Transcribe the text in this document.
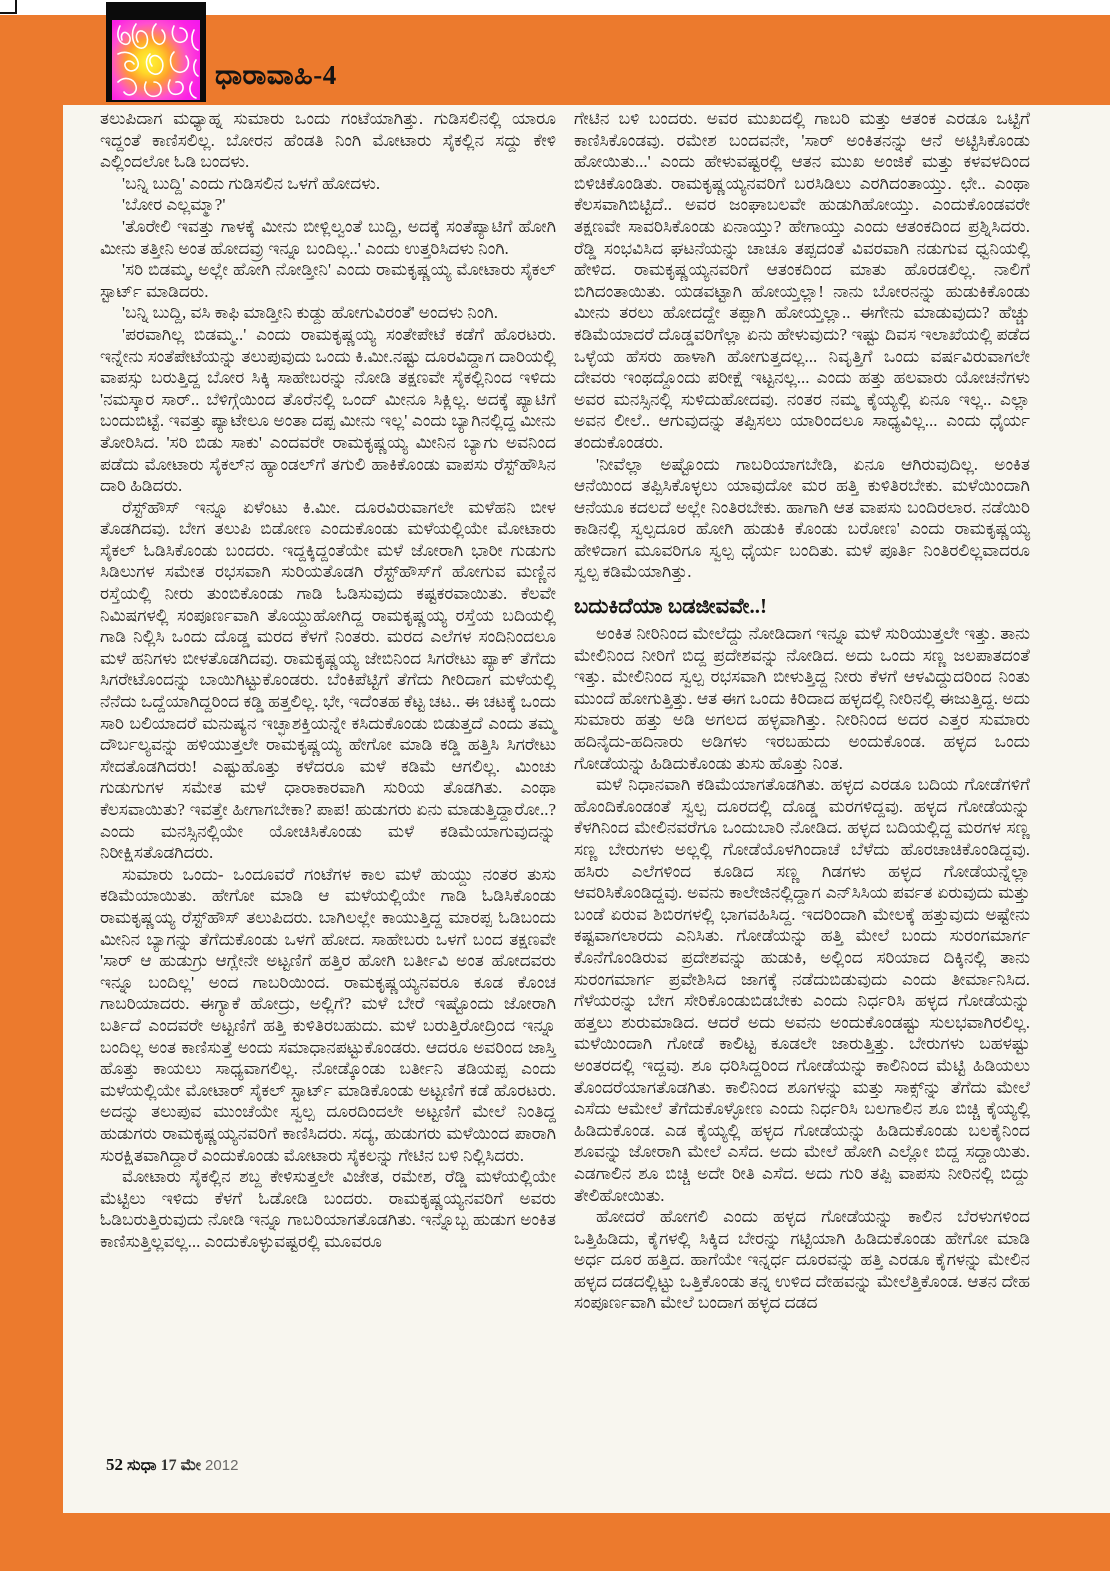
ಧಾರಾವಾಹಿ-4

ತಲುಪಿದಾಗ ಮಧ್ಯಾಹ್ನ ಸುಮಾರು ಒಂದು ಗಂಟೆಯಾಗಿತ್ತು. ಗುಡಿಸಲಿನಲ್ಲಿ ಯಾರೂ ಇದ್ದಂತೆ ಕಾಣಿಸಲಿಲ್ಲ. ಬೋರನ ಹೆಂಡತಿ ನಿಂಗಿ ಮೋಟಾರು ಸೈಕಲ್ಲಿನ ಸದ್ದು ಕೇಳಿ ಎಲ್ಲಿಂದಲೋ ಓಡಿ ಬಂದಳು.

'ಬನ್ನಿ ಬುದ್ದಿ' ಎಂದು ಗುಡಿಸಲಿನ ಒಳಗೆ ಹೋದಳು.

'ಬೋರ ಎಲ್ಲಮ್ಮಾ?'

'ತೊರೇಲಿ ಇವತ್ತು ಗಾಳಕ್ಕೆ ಮೀನು ಬೀಳ್ಲಿಲ್ವಂತೆ ಬುದ್ದಿ, ಅದಕ್ಕೆ ಸಂತೆಪ್ಯಾಟಿಗೆ ಹೋಗಿ ಮೀನು ತತ್ತೀನಿ ಅಂತ ಹೋದವ್ರು ಇನ್ನೂ ಬಂದಿಲ್ಲ..' ಎಂದು ಉತ್ತರಿಸಿದಳು ನಿಂಗಿ.

'ಸರಿ ಬಿಡಮ್ಮ, ಅಲ್ಲೇ ಹೋಗಿ ನೋಡ್ತೀನಿ' ಎಂದು ರಾಮಕೃಷ್ಣಯ್ಯ ಮೋಟಾರು ಸೈಕಲ್ ಸ್ಟಾರ್ಟ್ ಮಾಡಿದರು.

'ಬನ್ನಿ ಬುದ್ದಿ, ವಸಿ ಕಾಫಿ ಮಾಡ್ತೀನಿ ಕುಡ್ದು ಹೋಗುವಿರಂತೆ' ಅಂದಳು ನಿಂಗಿ.

'ಪರವಾಗಿಲ್ಲ ಬಿಡಮ್ಮ..' ಎಂದು ರಾಮಕೃಷ್ಣಯ್ಯ ಸಂತೇಪೇಟೆ ಕಡೆಗೆ ಹೊರಟರು. ಇನ್ನೇನು ಸಂತೆಪೇಟೆಯನ್ನು ತಲುಪುವುದು ಒಂದು ಕಿ.ಮೀ.ನಷ್ಟು ದೂರವಿದ್ದಾಗ ದಾರಿಯಲ್ಲಿ ವಾಪಸ್ಸು ಬರುತ್ತಿದ್ದ ಬೋರ ಸಿಕ್ಕಿ ಸಾಹೇಬರನ್ನು ನೋಡಿ ತಕ್ಷಣವೇ ಸೈಕಲ್ಲಿನಿಂದ ಇಳಿದು 'ನಮಸ್ಕಾರ ಸಾರ್.. ಬೆಳಿಗ್ಗೆಯಿಂದ ತೊರೆನಲ್ಲಿ ಒಂದ್ ಮೀನೂ ಸಿಕ್ಲಿಲ್ಲ. ಅದಕ್ಕೆ ಪ್ಯಾಟಿಗೆ ಬಂದುಬಿಟ್ಟೆ. ಇವತ್ತು ಪ್ಯಾಟೇಲೂ ಅಂತಾ ದಪ್ಪ ಮೀನು ಇಲ್ಲ' ಎಂದು ಬ್ಯಾಗಿನಲ್ಲಿದ್ದ ಮೀನು ತೋರಿಸಿದ. 'ಸರಿ ಬಿಡು ಸಾಕು' ಎಂದವರೇ ರಾಮಕೃಷ್ಣಯ್ಯ ಮೀನಿನ ಬ್ಯಾಗು ಅವನಿಂದ ಪಡೆದು ಮೋಟಾರು ಸೈಕಲ್‌ನ ಹ್ಯಾಂಡಲ್‌ಗೆ ತಗುಲಿ ಹಾಕಿಕೊಂಡು ವಾಪಸು ರೆಸ್ಟ್‌ಹೌಸಿನ ದಾರಿ ಹಿಡಿದರು.

ರೆಸ್ಟ್‌ಹೌಸ್ ಇನ್ನೂ ಏಳೆಂಟು ಕಿ.ಮೀ. ದೂರವಿರುವಾಗಲೇ ಮಳೆಹನಿ ಬೀಳ ತೊಡಗಿದವು. ಬೇಗ ತಲುಪಿ ಬಿಡೋಣ ಎಂದುಕೊಂಡು ಮಳೆಯಲ್ಲಿಯೇ ಮೋಟಾರು ಸೈಕಲ್ ಓಡಿಸಿಕೊಂಡು ಬಂದರು. ಇದ್ದಕ್ಕಿದ್ದಂತೆಯೇ ಮಳೆ ಜೋರಾಗಿ ಭಾರೀ ಗುಡುಗು ಸಿಡಿಲುಗಳ ಸಮೇತ ರಭಸವಾಗಿ ಸುರಿಯತೊಡಗಿ ರೆಸ್ಟ್‌ಹೌಸ್‌ಗೆ ಹೋಗುವ ಮಣ್ಣಿನ ರಸ್ತೆಯಲ್ಲಿ ನೀರು ತುಂಬಿಕೊಂಡು ಗಾಡಿ ಓಡಿಸುವುದು ಕಷ್ಟಕರವಾಯಿತು. ಕೆಲವೇ ನಿಮಿಷಗಳಲ್ಲಿ ಸಂಪೂರ್ಣವಾಗಿ ತೊಯ್ದುಹೋಗಿದ್ದ ರಾಮಕೃಷ್ಣಯ್ಯ ರಸ್ತೆಯ ಬದಿಯಲ್ಲಿ ಗಾಡಿ ನಿಲ್ಲಿಸಿ ಒಂದು ದೊಡ್ಡ ಮರದ ಕೆಳಗೆ ನಿಂತರು. ಮರದ ಎಲೆಗಳ ಸಂದಿನಿಂದಲೂ ಮಳೆ ಹನಿಗಳು ಬೀಳತೊಡಗಿದವು. ರಾಮಕೃಷ್ಣಯ್ಯ ಜೇಬಿನಿಂದ ಸಿಗರೇಟು ಪ್ಯಾಕ್ ತೆಗೆದು ಸಿಗರೇಟೊಂದನ್ನು ಬಾಯಿಗಿಟ್ಟುಕೊಂಡರು. ಬೆಂಕಿಪೆಟ್ಟಿಗೆ ತೆಗೆದು ಗೀರಿದಾಗ ಮಳೆಯಲ್ಲಿ ನೆನೆದು ಒದ್ದೆಯಾಗಿದ್ದರಿಂದ ಕಡ್ಡಿ ಹತ್ತಲಿಲ್ಲ. ಭೇ, ಇದೆಂತಹ ಕೆಟ್ಟ ಚಟ.. ಈ ಚಟಕ್ಕೆ ಒಂದು ಸಾರಿ ಬಲಿಯಾದರೆ ಮನುಷ್ಯನ ಇಚ್ಛಾಶಕ್ತಿಯನ್ನೇ ಕಸಿದುಕೊಂಡು ಬಿಡುತ್ತದೆ ಎಂದು ತಮ್ಮ ದೌರ್ಬಲ್ಯವನ್ನು ಹಳಿಯುತ್ತಲೇ ರಾಮಕೃಷ್ಣಯ್ಯ ಹೇಗೋ ಮಾಡಿ ಕಡ್ಡಿ ಹತ್ತಿಸಿ ಸಿಗರೇಟು ಸೇದತೊಡಗಿದರು! ಎಷ್ಟುಹೊತ್ತು ಕಳೆದರೂ ಮಳೆ ಕಡಿಮೆ ಆಗಲಿಲ್ಲ. ಮಿಂಚು ಗುಡುಗುಗಳ ಸಮೇತ ಮಳೆ ಧಾರಾಕಾರವಾಗಿ ಸುರಿಯ ತೊಡಗಿತು. ಎಂಥಾ ಕೆಲಸವಾಯಿತು? ಇವತ್ತೇ ಹೀಗಾಗಬೇಕಾ? ಪಾಪ! ಹುಡುಗರು ಏನು ಮಾಡುತ್ತಿದ್ದಾರೋ..? ಎಂದು ಮನಸ್ಸಿನಲ್ಲಿಯೇ ಯೋಚಿಸಿಕೊಂಡು ಮಳೆ ಕಡಿಮೆಯಾಗುವುದನ್ನು ನಿರೀಕ್ಷಿಸತೊಡಗಿದರು.

ಸುಮಾರು ಒಂದು- ಒಂದೂವರೆ ಗಂಟೆಗಳ ಕಾಲ ಮಳೆ ಹುಯ್ದು ನಂತರ ತುಸು ಕಡಿಮೆಯಾಯಿತು. ಹೇಗೋ ಮಾಡಿ ಆ ಮಳೆಯಲ್ಲಿಯೇ ಗಾಡಿ ಓಡಿಸಿಕೊಂಡು ರಾಮಕೃಷ್ಣಯ್ಯ ರೆಸ್ಟ್‌ಹೌಸ್ ತಲುಪಿದರು. ಬಾಗಿಲಲ್ಲೇ ಕಾಯುತ್ತಿದ್ದ ಮಾರಪ್ಪ ಓಡಿಬಂದು ಮೀನಿನ ಬ್ಯಾಗನ್ನು ತೆಗೆದುಕೊಂಡು ಒಳಗೆ ಹೋದ. ಸಾಹೇಬರು ಒಳಗೆ ಬಂದ ತಕ್ಷಣವೇ 'ಸಾರ್ ಆ ಹುಡುಗ್ರು ಆಗ್ಲೇನೇ ಅಟ್ಟಣಿಗೆ ಹತ್ತಿರ ಹೋಗಿ ಬರ್ತೀವಿ ಅಂತ ಹೋದವರು ಇನ್ನೂ ಬಂದಿಲ್ಲ' ಅಂದ ಗಾಬರಿಯಿಂದ. ರಾಮಕೃಷ್ಣಯ್ಯನವರೂ ಕೂಡ ಕೊಂಚ ಗಾಬರಿಯಾದರು. ಈಗ್ಯಾಕೆ ಹೋದ್ರು, ಅಲ್ಲಿಗೆ? ಮಳೆ ಬೇರೆ ಇಷ್ಟೊಂದು ಜೋರಾಗಿ ಬರ್ತಿದೆ ಎಂದವರೇ ಅಟ್ಟಣಿಗೆ ಹತ್ತಿ ಕುಳಿತಿರಬಹುದು. ಮಳೆ ಬರುತ್ತಿರೋದ್ರಿಂದ ಇನ್ನೂ ಬಂದಿಲ್ಲ ಅಂತ ಕಾಣಿಸುತ್ತೆ ಅಂದು ಸಮಾಧಾನಪಟ್ಟುಕೊಂಡರು. ಆದರೂ ಅವರಿಂದ ಜಾಸ್ತಿ ಹೊತ್ತು ಕಾಯಲು ಸಾಧ್ಯವಾಗಲಿಲ್ಲ. ನೋಡ್ಕೊಂಡು ಬರ್ತೀನಿ ತಡಿಯಪ್ಪ ಎಂದು ಮಳೆಯಲ್ಲಿಯೇ ಮೋಟಾರ್ ಸೈಕಲ್ ಸ್ಟಾರ್ಟ್ ಮಾಡಿಕೊಂಡು ಅಟ್ಟಣಿಗೆ ಕಡೆ ಹೊರಟರು. ಅದನ್ನು ತಲುಪುವ ಮುಂಚೆಯೇ ಸ್ವಲ್ಪ ದೂರದಿಂದಲೇ ಅಟ್ಟಣಿಗೆ ಮೇಲೆ ನಿಂತಿದ್ದ ಹುಡುಗರು ರಾಮಕೃಷ್ಣಯ್ಯನವರಿಗೆ ಕಾಣಿಸಿದರು. ಸದ್ಯ, ಹುಡುಗರು ಮಳೆಯಿಂದ ಪಾರಾಗಿ ಸುರಕ್ಷಿತವಾಗಿದ್ದಾರೆ ಎಂದುಕೊಂಡು ಮೋಟಾರು ಸೈಕಲನ್ನು ಗೇಟಿನ ಬಳಿ ನಿಲ್ಲಿಸಿದರು.

ಮೋಟಾರು ಸೈಕಲ್ಲಿನ ಶಬ್ದ ಕೇಳಿಸುತ್ತಲೇ ವಿಜೇತ, ರಮೇಶ, ರೆಡ್ಡಿ ಮಳೆಯಲ್ಲಿಯೇ ಮೆಟ್ಟಿಲು ಇಳಿದು ಕೆಳಗೆ ಓಡೋಡಿ ಬಂದರು. ರಾಮಕೃಷ್ಣಯ್ಯನವರಿಗೆ ಅವರು ಓಡಿಬರುತ್ತಿರುವುದು ನೋಡಿ ಇನ್ನೂ ಗಾಬರಿಯಾಗತೊಡಗಿತು. ಇನ್ನೊಬ್ಬ ಹುಡುಗ ಅಂಕಿತ ಕಾಣಿಸುತ್ತಿಲ್ಲವಲ್ಲ... ಎಂದುಕೊಳ್ಳುವಷ್ಟರಲ್ಲಿ ಮೂವರೂ

ಗೇಟಿನ ಬಳಿ ಬಂದರು. ಅವರ ಮುಖದಲ್ಲಿ ಗಾಬರಿ ಮತ್ತು ಆತಂಕ ಎರಡೂ ಒಟ್ಟಿಗೆ ಕಾಣಿಸಿಕೊಂಡವು. ರಮೇಶ ಬಂದವನೇ, 'ಸಾರ್ ಅಂಕಿತನನ್ನು ಆನೆ ಅಟ್ಟಿಸಿಕೊಂಡು ಹೋಯಿತು...' ಎಂದು ಹೇಳುವಷ್ಟರಲ್ಲಿ ಆತನ ಮುಖ ಅಂಜಿಕೆ ಮತ್ತು ಕಳವಳದಿಂದ ಬಿಳಿಚಿಕೊಂಡಿತು. ರಾಮಕೃಷ್ಣಯ್ಯನವರಿಗೆ ಬರಸಿಡಿಲು ಎರಗಿದಂತಾಯ್ತು. ಛೇ.. ಎಂಥಾ ಕೆಲಸವಾಗಿಬಿಟ್ಟಿದೆ.. ಅವರ ಜಂಘಾಬಲವೇ ಹುಡುಗಿಹೋಯ್ತು. ಎಂದುಕೊಂಡವರೇ ತಕ್ಷಣವೇ ಸಾವರಿಸಿಕೊಂಡು ಏನಾಯ್ತು? ಹೇಗಾಯ್ತು ಎಂದು ಆತಂಕದಿಂದ ಪ್ರಶ್ನಿಸಿದರು. ರೆಡ್ಡಿ ಸಂಭವಿಸಿದ ಘಟನೆಯನ್ನು ಚಾಚೂ ತಪ್ಪದಂತೆ ವಿವರವಾಗಿ ನಡುಗುವ ಧ್ವನಿಯಲ್ಲಿ ಹೇಳಿದ. ರಾಮಕೃಷ್ಣಯ್ಯನವರಿಗೆ ಆತಂಕದಿಂದ ಮಾತು ಹೊರಡಲಿಲ್ಲ. ನಾಲಿಗೆ ಬಿಗಿದಂತಾಯಿತು. ಯಡವಟ್ಟಾಗಿ ಹೋಯ್ತಲ್ಲಾ! ನಾನು ಬೋರನನ್ನು ಹುಡುಕಿಕೊಂಡು ಮೀನು ತರಲು ಹೋದದ್ದೇ ತಪ್ಪಾಗಿ ಹೋಯ್ತಲ್ಲಾ.. ಈಗೇನು ಮಾಡುವುದು? ಹೆಚ್ಚು ಕಡಿಮೆಯಾದರೆ ದೊಡ್ಡವರಿಗೆಲ್ಲಾ ಏನು ಹೇಳುವುದು? ಇಷ್ಟು ದಿವಸ ಇಲಾಖೆಯಲ್ಲಿ ಪಡೆದ ಒಳ್ಳೆಯ ಹೆಸರು ಹಾಳಾಗಿ ಹೋಗುತ್ತದಲ್ಲ... ನಿವೃತ್ತಿಗೆ ಒಂದು ವರ್ಷವಿರುವಾಗಲೇ ದೇವರು ಇಂಥದ್ದೊಂದು ಪರೀಕ್ಷೆ ಇಟ್ಟನಲ್ಲ... ಎಂದು ಹತ್ತು ಹಲವಾರು ಯೋಚನೆಗಳು ಅವರ ಮನಸ್ಸಿನಲ್ಲಿ ಸುಳಿದುಹೋದವು. ನಂತರ ನಮ್ಮ ಕೈಯ್ಯಲ್ಲಿ ಏನೂ ಇಲ್ಲ.. ಎಲ್ಲಾ ಅವನ ಲೀಲೆ.. ಆಗುವುದನ್ನು ತಪ್ಪಿಸಲು ಯಾರಿಂದಲೂ ಸಾಧ್ಯವಿಲ್ಲ... ಎಂದು ಧೈರ್ಯ ತಂದುಕೊಂಡರು.

'ನೀವೆಲ್ಲಾ ಅಷ್ಟೊಂದು ಗಾಬರಿಯಾಗಬೇಡಿ, ಏನೂ ಆಗಿರುವುದಿಲ್ಲ. ಅಂಕಿತ ಆನೆಯಿಂದ ತಪ್ಪಿಸಿಕೊಳ್ಳಲು ಯಾವುದೋ ಮರ ಹತ್ತಿ ಕುಳಿತಿರಬೇಕು. ಮಳೆಯಿಂದಾಗಿ ಆನೆಯೂ ಕದಲದೆ ಅಲ್ಲೇ ನಿಂತಿರಬೇಕು. ಹಾಗಾಗಿ ಆತ ವಾಪಸು ಬಂದಿರಲಾರ. ನಡೆಯಿರಿ ಕಾಡಿನಲ್ಲಿ ಸ್ವಲ್ಪದೂರ ಹೋಗಿ ಹುಡುಕಿ ಕೊಂಡು ಬರೋಣ' ಎಂದು ರಾಮಕೃಷ್ಣಯ್ಯ ಹೇಳಿದಾಗ ಮೂವರಿಗೂ ಸ್ವಲ್ಪ ಧೈರ್ಯ ಬಂದಿತು. ಮಳೆ ಪೂರ್ತಿ ನಿಂತಿರಲಿಲ್ಲವಾದರೂ ಸ್ವಲ್ಪ ಕಡಿಮೆಯಾಗಿತ್ತು.

ಬದುಕಿದೆಯಾ ಬಡಜೀವವೇ..!

ಅಂಕಿತ ನೀರಿನಿಂದ ಮೇಲೆದ್ದು ನೋಡಿದಾಗ ಇನ್ನೂ ಮಳೆ ಸುರಿಯುತ್ತಲೇ ಇತ್ತು. ತಾನು ಮೇಲಿನಿಂದ ನೀರಿಗೆ ಬಿದ್ದ ಪ್ರದೇಶವನ್ನು ನೋಡಿದ. ಅದು ಒಂದು ಸಣ್ಣ ಜಲಪಾತದಂತೆ ಇತ್ತು. ಮೇಲಿನಿಂದ ಸ್ವಲ್ಪ ರಭಸವಾಗಿ ಬೀಳುತ್ತಿದ್ದ ನೀರು ಕೆಳಗೆ ಆಳವಿದ್ದುದರಿಂದ ನಿಂತು ಮುಂದೆ ಹೋಗುತ್ತಿತ್ತು. ಆತ ಈಗ ಒಂದು ಕಿರಿದಾದ ಹಳ್ಳದಲ್ಲಿ ನೀರಿನಲ್ಲಿ ಈಜುತ್ತಿದ್ದ. ಅದು ಸುಮಾರು ಹತ್ತು ಅಡಿ ಅಗಲದ ಹಳ್ಳವಾಗಿತ್ತು. ನೀರಿನಿಂದ ಅದರ ಎತ್ತರ ಸುಮಾರು ಹದಿನೈದು-ಹದಿನಾರು ಅಡಿಗಳು ಇರಬಹುದು ಅಂದುಕೊಂಡ. ಹಳ್ಳದ ಒಂದು ಗೋಡೆಯನ್ನು ಹಿಡಿದುಕೊಂಡು ತುಸು ಹೊತ್ತು ನಿಂತ.

ಮಳೆ ನಿಧಾನವಾಗಿ ಕಡಿಮೆಯಾಗತೊಡಗಿತು. ಹಳ್ಳದ ಎರಡೂ ಬದಿಯ ಗೋಡೆಗಳಿಗೆ ಹೊಂದಿಕೊಂಡಂತೆ ಸ್ವಲ್ಪ ದೂರದಲ್ಲಿ ದೊಡ್ಡ ಮರಗಳಿದ್ದವು. ಹಳ್ಳದ ಗೋಡೆಯನ್ನು ಕೆಳಗಿನಿಂದ ಮೇಲಿನವರೆಗೂ ಒಂದುಬಾರಿ ನೋಡಿದ. ಹಳ್ಳದ ಬದಿಯಲ್ಲಿದ್ದ ಮರಗಳ ಸಣ್ಣ ಸಣ್ಣ ಬೇರುಗಳು ಅಲ್ಲಲ್ಲಿ ಗೋಡೆಯೊಳಗಿಂದಾಚೆ ಬೆಳೆದು ಹೊರಚಾಚಿಕೊಂಡಿದ್ದವು. ಹಸಿರು ಎಲೆಗಳಿಂದ ಕೂಡಿದ ಸಣ್ಣ ಗಿಡಗಳು ಹಳ್ಳದ ಗೋಡೆಯನ್ನೆಲ್ಲಾ ಆವರಿಸಿಕೊಂಡಿದ್ದವು. ಅವನು ಕಾಲೇಜಿನಲ್ಲಿದ್ದಾಗ ಎನ್‌ಸಿಸಿಯ ಪರ್ವತ ಏರುವುದು ಮತ್ತು ಬಂಡೆ ಏರುವ ಶಿಬಿರಗಳಲ್ಲಿ ಭಾಗವಹಿಸಿದ್ದ. ಇದರಿಂದಾಗಿ ಮೇಲಕ್ಕೆ ಹತ್ತುವುದು ಅಷ್ಟೇನು ಕಷ್ಟವಾಗಲಾರದು ಎನಿಸಿತು. ಗೋಡೆಯನ್ನು ಹತ್ತಿ ಮೇಲೆ ಬಂದು ಸುರಂಗಮಾರ್ಗ ಕೊನೆಗೊಂಡಿರುವ ಪ್ರದೇಶವನ್ನು ಹುಡುಕಿ, ಅಲ್ಲಿಂದ ಸರಿಯಾದ ದಿಕ್ಕಿನಲ್ಲಿ ತಾನು ಸುರಂಗಮಾರ್ಗ ಪ್ರವೇಶಿಸಿದ ಜಾಗಕ್ಕೆ ನಡೆದುಬಿಡುವುದು ಎಂದು ತೀರ್ಮಾನಿಸಿದ. ಗೆಳೆಯರನ್ನು ಬೇಗ ಸೇರಿಕೊಂಡುಬಿಡಬೇಕು ಎಂದು ನಿರ್ಧರಿಸಿ ಹಳ್ಳದ ಗೋಡೆಯನ್ನು ಹತ್ತಲು ಶುರುಮಾಡಿದ. ಆದರೆ ಅದು ಅವನು ಅಂದುಕೊಂಡಷ್ಟು ಸುಲಭವಾಗಿರಲಿಲ್ಲ. ಮಳೆಯಿಂದಾಗಿ ಗೋಡೆ ಕಾಲಿಟ್ಟ ಕೂಡಲೇ ಜಾರುತ್ತಿತ್ತು. ಬೇರುಗಳು ಬಹಳಷ್ಟು ಅಂತರದಲ್ಲಿ ಇದ್ದವು. ಶೂ ಧರಿಸಿದ್ದರಿಂದ ಗೋಡೆಯನ್ನು ಕಾಲಿನಿಂದ ಮೆಟ್ಟಿ ಹಿಡಿಯಲು ತೊಂದರೆಯಾಗತೊಡಗಿತು. ಕಾಲಿನಿಂದ ಶೂಗಳನ್ನು ಮತ್ತು ಸಾಕ್ಸ್‌ನ್ನು ತೆಗೆದು ಮೇಲೆ ಎಸೆದು ಆಮೇಲೆ ತೆಗೆದುಕೊಳ್ಳೋಣ ಎಂದು ನಿರ್ಧರಿಸಿ ಬಲಗಾಲಿನ ಶೂ ಬಿಚ್ಚಿ ಕೈಯ್ಯಲ್ಲಿ ಹಿಡಿದುಕೊಂಡ. ಎಡ ಕೈಯ್ಯಲ್ಲಿ ಹಳ್ಳದ ಗೋಡೆಯನ್ನು ಹಿಡಿದುಕೊಂಡು ಬಲಕೈನಿಂದ ಶೂವನ್ನು ಜೋರಾಗಿ ಮೇಲೆ ಎಸೆದ. ಅದು ಮೇಲೆ ಹೋಗಿ ಎಲ್ಲೋ ಬಿದ್ದ ಸದ್ದಾಯಿತು. ಎಡಗಾಲಿನ ಶೂ ಬಿಚ್ಚಿ ಅದೇ ರೀತಿ ಎಸೆದ. ಅದು ಗುರಿ ತಪ್ಪಿ ವಾಪಸು ನೀರಿನಲ್ಲಿ ಬಿದ್ದು ತೇಲಿಹೋಯಿತು.

ಹೋದರೆ ಹೋಗಲಿ ಎಂದು ಹಳ್ಳದ ಗೋಡೆಯನ್ನು ಕಾಲಿನ ಬೆರಳುಗಳಿಂದ ಒತ್ತಿಹಿಡಿದು, ಕೈಗಳಲ್ಲಿ ಸಿಕ್ಕಿದ ಬೇರನ್ನು ಗಟ್ಟಿಯಾಗಿ ಹಿಡಿದುಕೊಂಡು ಹೇಗೋ ಮಾಡಿ ಅರ್ಧ ದೂರ ಹತ್ತಿದ. ಹಾಗೆಯೇ ಇನ್ನರ್ಧ ದೂರವನ್ನು ಹತ್ತಿ ಎರಡೂ ಕೈಗಳನ್ನು ಮೇಲಿನ ಹಳ್ಳದ ದಡದಲ್ಲಿಟ್ಟು ಒತ್ತಿಕೊಂಡು ತನ್ನ ಉಳಿದ ದೇಹವನ್ನು ಮೇಲೆತ್ತಿಕೊಂಡ. ಆತನ ದೇಹ ಸಂಪೂರ್ಣವಾಗಿ ಮೇಲೆ ಬಂದಾಗ ಹಳ್ಳದ ದಡದ

52 ಸುಧಾ 17 ಮೇ 2012
